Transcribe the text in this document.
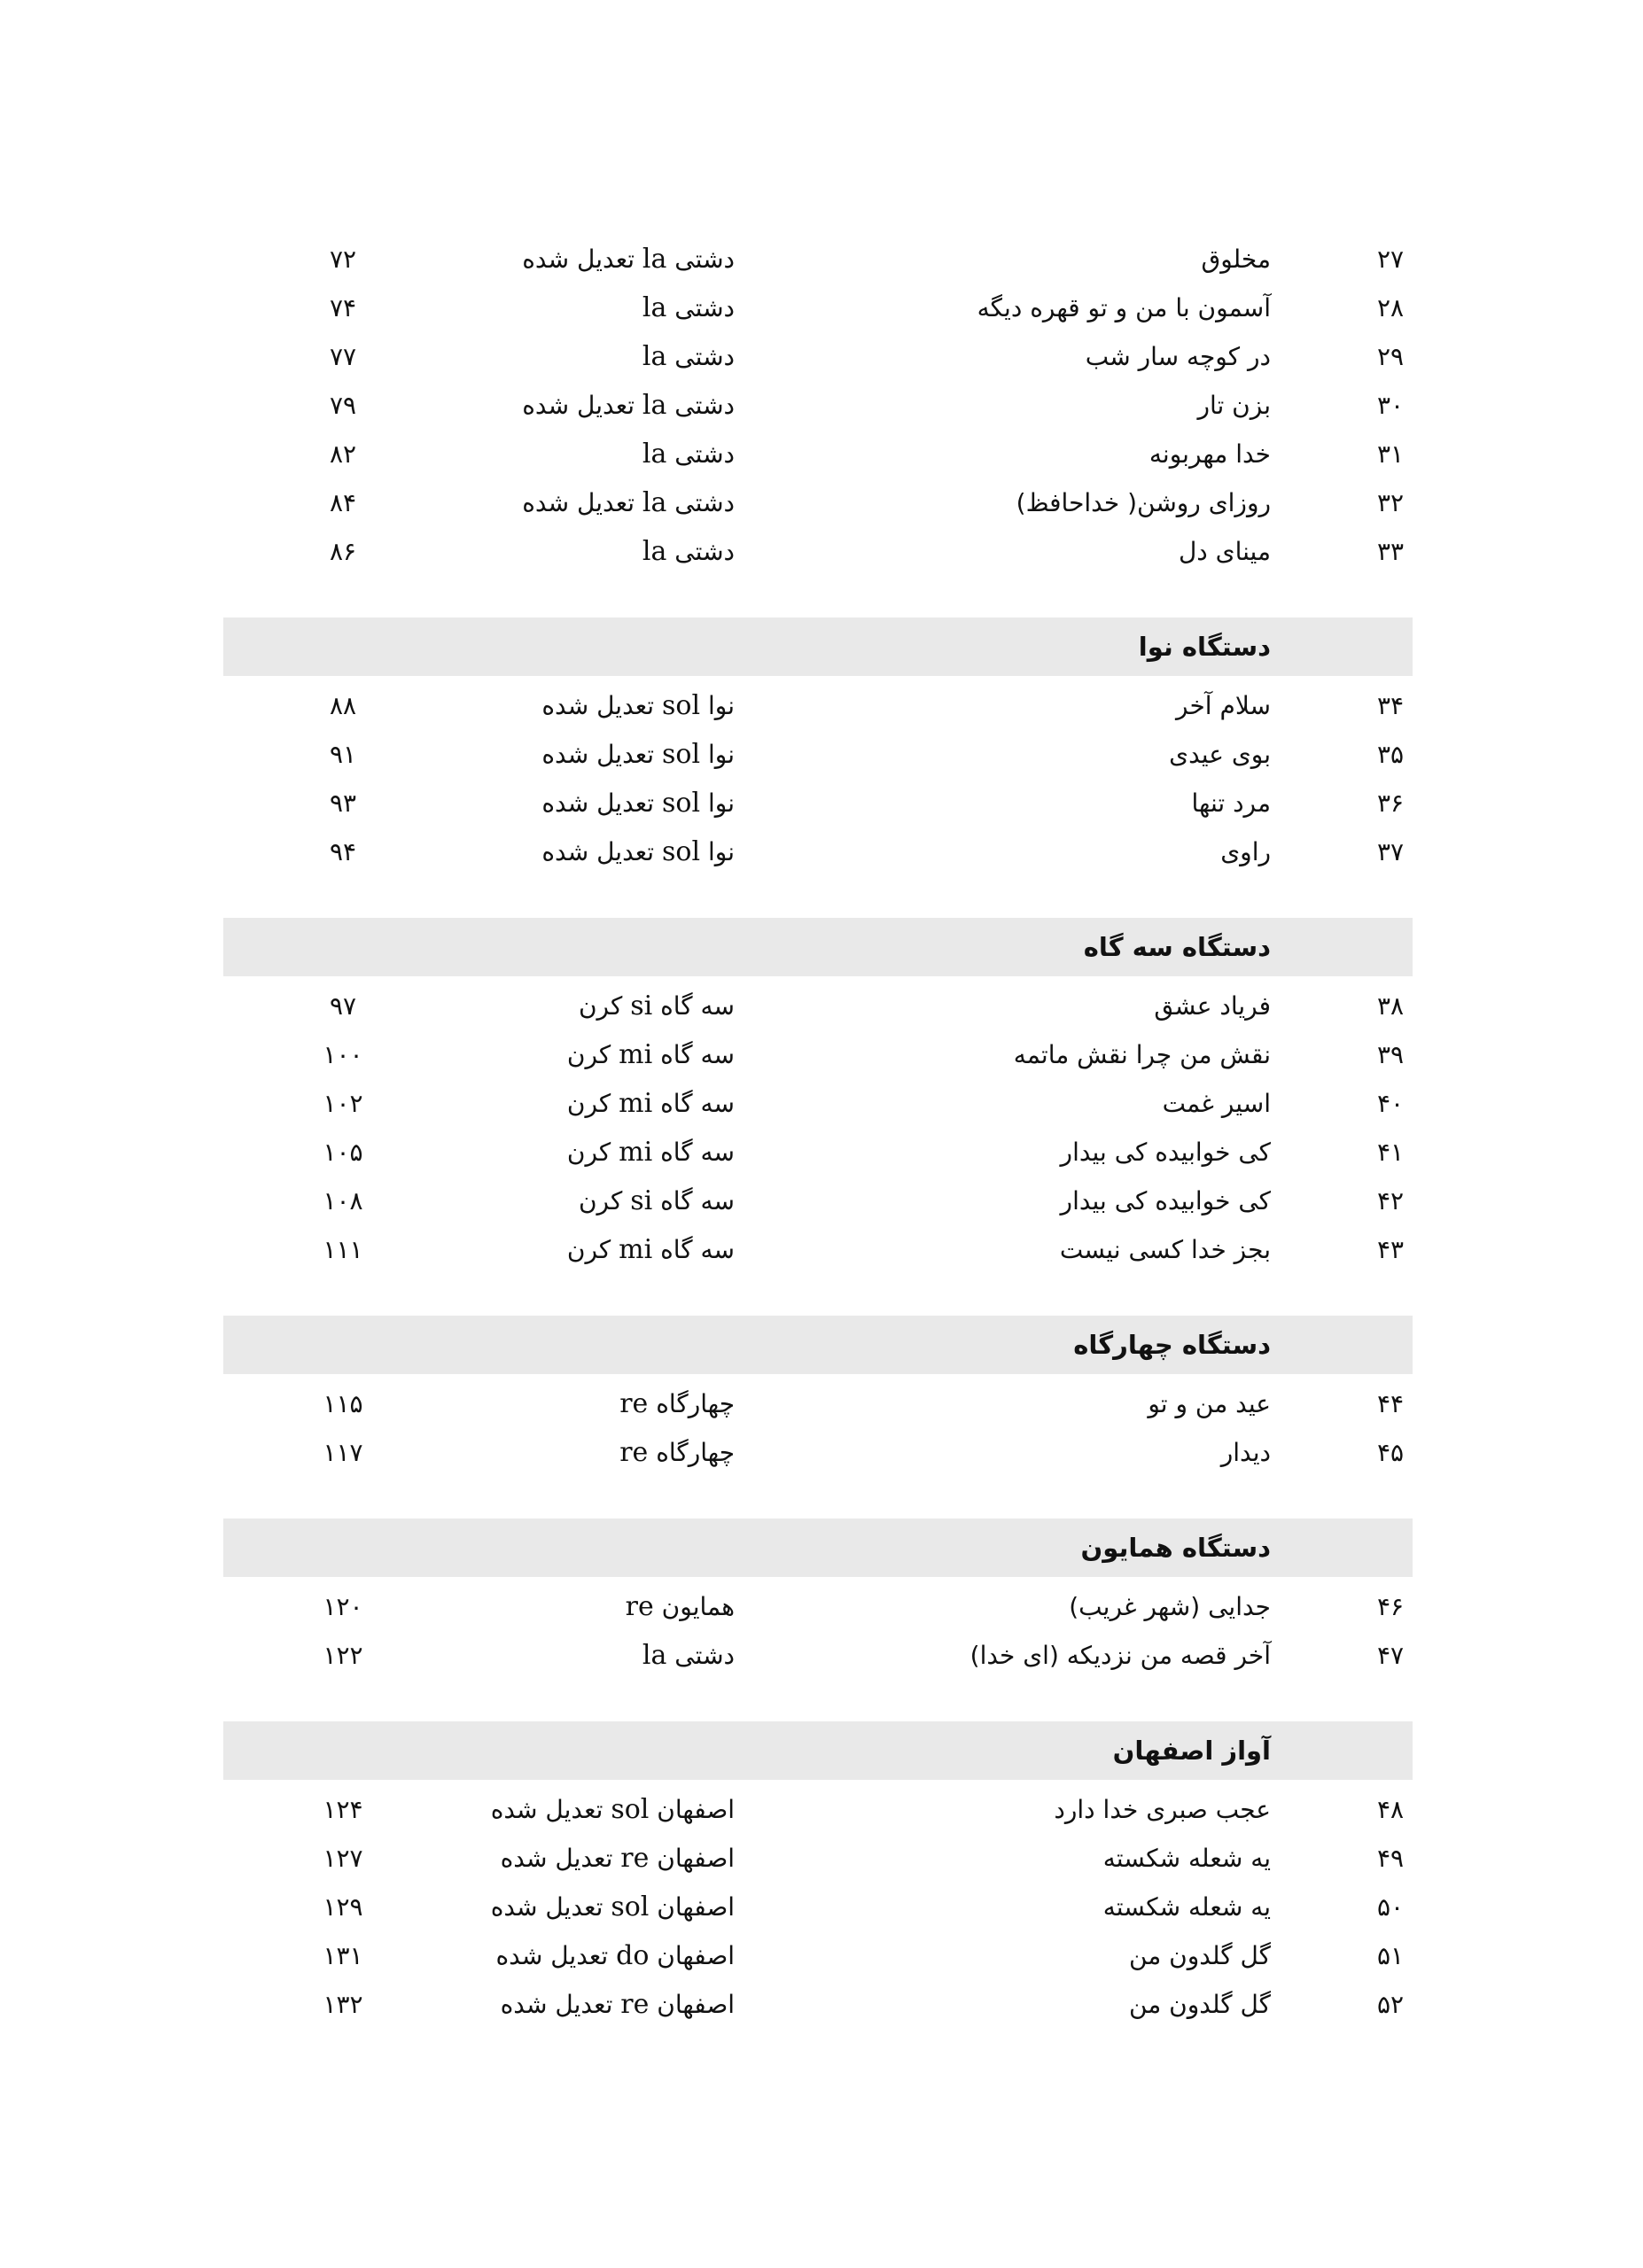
۲۷
مخلوق
دشتی la تعدیل شده
۷۲
۲۸
آسمون با من و تو قهره دیگه
دشتی la
۷۴
۲۹
در کوچه سار شب
دشتی la
۷۷
۳۰
بزن تار
دشتی la تعدیل شده
۷۹
۳۱
خدا مهربونه
دشتی la
۸۲
۳۲
روزای روشن( خداحافظ)
دشتی la تعدیل شده
۸۴
۳۳
مینای دل
دشتی la
۸۶
دستگاه نوا
۳۴
سلام آخر
نوا sol تعدیل شده
۸۸
۳۵
بوی عیدی
نوا sol تعدیل شده
۹۱
۳۶
مرد تنها
نوا sol تعدیل شده
۹۳
۳۷
راوی
نوا sol تعدیل شده
۹۴
دستگاه سه گاه
۳۸
فریاد عشق
سه گاه si کرن
۹۷
۳۹
نقش من چرا نقش ماتمه
سه گاه mi کرن
۱۰۰
۴۰
اسیر غمت
سه گاه mi کرن
۱۰۲
۴۱
کی خوابیده کی بیدار
سه گاه mi کرن
۱۰۵
۴۲
کی خوابیده کی بیدار
سه گاه si کرن
۱۰۸
۴۳
بجز خدا کسی نیست
سه گاه mi کرن
۱۱۱
دستگاه چهارگاه
۴۴
عید من و تو
چهارگاه re
۱۱۵
۴۵
دیدار
چهارگاه re
۱۱۷
دستگاه همایون
۴۶
جدایی (شهر غریب)
همایون re
۱۲۰
۴۷
آخر قصه من نزدیکه (ای خدا)
دشتی la
۱۲۲
آواز اصفهان
۴۸
عجب صبری خدا دارد
اصفهان sol تعدیل شده
۱۲۴
۴۹
یه شعله شکسته
اصفهان re تعدیل شده
۱۲۷
۵۰
یه شعله شکسته
اصفهان sol تعدیل شده
۱۲۹
۵۱
گل گلدون من
اصفهان do تعدیل شده
۱۳۱
۵۲
گل گلدون من
اصفهان re تعدیل شده
۱۳۲
